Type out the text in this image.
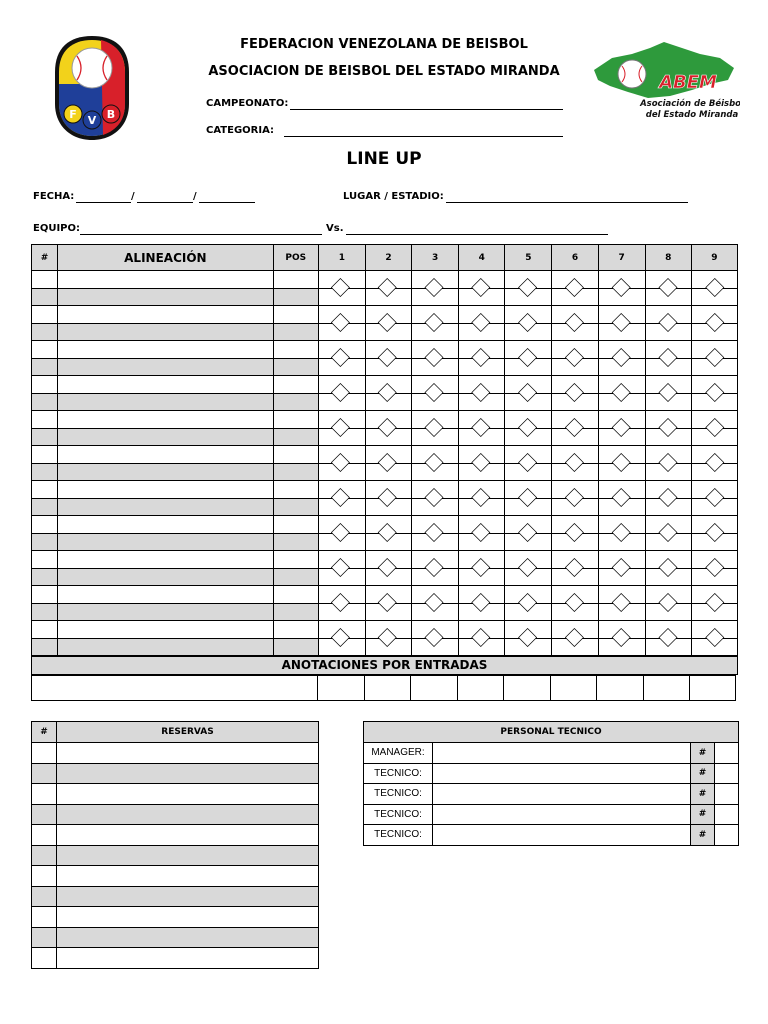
F V B
ABEM
Asociación de Béisbol
del Estado Miranda
FEDERACION VENEZOLANA DE BEISBOL
ASOCIACION DE BEISBOL DEL ESTADO MIRANDA
CAMPEONATO:
CATEGORIA:
LINE UP
FECHA:	/	/	LUGAR / ESTADIO:
EQUIPO:	Vs.
#	ALINEACIÓN	POS	1	2	3	4	5	6	7	8	9

ANOTACIONES POR ENTRADAS

#	RESERVAS

		PERSONAL TECNICO			
MANAGER:		#	
TECNICO:		#	
TECNICO:		#	
TECNICO:		#	
TECNICO:		#	
